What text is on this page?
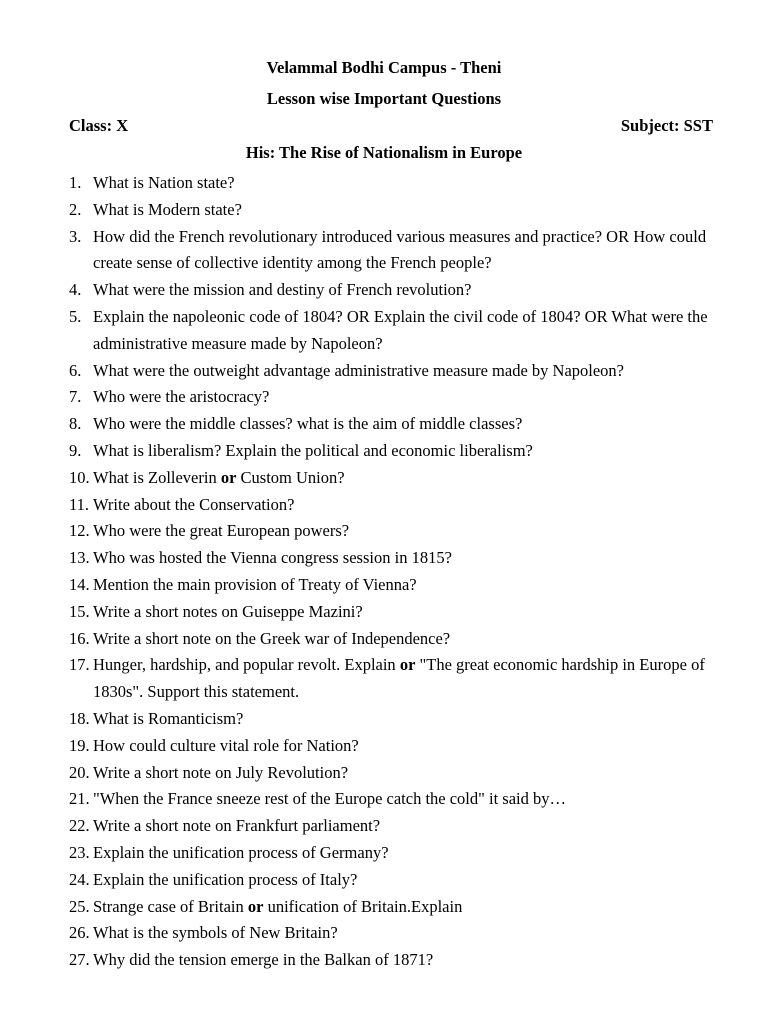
Velammal Bodhi Campus - Theni
Lesson wise Important Questions
Class: X	Subject: SST
His: The Rise of Nationalism in Europe
1. What is Nation state?
2. What is Modern state?
3. How did the French revolutionary introduced various measures and practice? OR How could create sense of collective identity among the French people?
4. What were the mission and destiny of French revolution?
5. Explain the napoleonic code of 1804? OR Explain the civil code of 1804? OR What were the administrative measure made by Napoleon?
6. What were the outweight advantage administrative measure made by Napoleon?
7. Who were the aristocracy?
8. Who were the middle classes? what is the aim of middle classes?
9. What is liberalism? Explain the political and economic liberalism?
10. What is Zolleverin or Custom Union?
11. Write about the Conservation?
12. Who were the great European powers?
13. Who was hosted the Vienna congress session in 1815?
14. Mention the main provision of Treaty of Vienna?
15. Write a short notes on Guiseppe Mazini?
16. Write a short note on the Greek war of Independence?
17. Hunger, hardship, and popular revolt. Explain or "The great economic hardship in Europe of 1830s". Support this statement.
18. What is Romanticism?
19. How could culture vital role for Nation?
20. Write a short note on July Revolution?
21. "When the France sneeze rest of the Europe catch the cold" it said by…
22. Write a short note on Frankfurt parliament?
23. Explain the unification process of Germany?
24. Explain the unification process of Italy?
25. Strange case of Britain or unification of Britain.Explain
26. What is the symbols of New Britain?
27. Why did the tension emerge in the Balkan of 1871?
